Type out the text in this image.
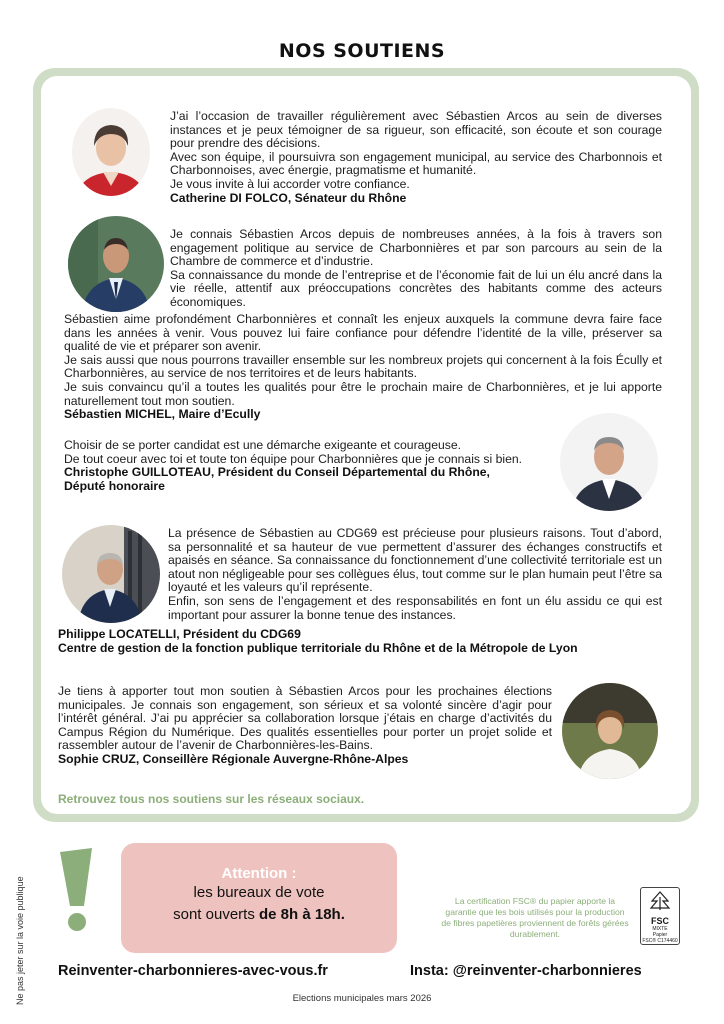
NOS SOUTIENS

J’ai l’occasion de travailler régulièrement avec Sébastien Arcos au sein de diverses instances et je peux témoigner de sa rigueur, son efficacité, son écoute et son courage pour prendre des décisions.

Avec son équipe, il poursuivra son engagement municipal, au service des Charbonnois et Charbonnoises, avec énergie, pragmatisme et humanité.

Je vous invite à lui accorder votre confiance.

Catherine DI FOLCO, Sénateur du Rhône

Je connais Sébastien Arcos depuis de nombreuses années, à la fois à travers son engagement politique au service de Charbonnières et par son parcours au sein de la Chambre de commerce et d’industrie.

Sa connaissance du monde de l’entreprise et de l’économie fait de lui un élu ancré dans la vie réelle, attentif aux préoccupations concrètes des habitants comme des acteurs économiques.

Sébastien aime profondément Charbonnières et connaît les enjeux auxquels la commune devra faire face dans les années à venir. Vous pouvez lui faire confiance pour défendre l’identité de la ville, préserver sa qualité de vie et préparer son avenir.

Je sais aussi que nous pourrons travailler ensemble sur les nombreux projets qui concernent à la fois Écully et Charbonnières, au service de nos territoires et de leurs habitants.

Je suis convaincu qu’il a toutes les qualités pour être le prochain maire de Charbonnières, et je lui apporte naturellement tout mon soutien.

Sébastien MICHEL, Maire d’Ecully

Choisir de se porter candidat est une démarche exigeante et courageuse.

De tout coeur avec toi et toute ton équipe pour Charbonnières que je connais si bien.

Christophe GUILLOTEAU, Président du Conseil Départemental du Rhône,

Député honoraire

La présence de Sébastien au CDG69 est précieuse pour plusieurs raisons. Tout d’abord, sa personnalité et sa hauteur de vue permettent d’assurer des échanges constructifs et apaisés en séance. Sa connaissance du fonctionnement d’une collectivité territoriale est un atout non négligeable pour ses collègues élus, tout comme sur le plan humain peut l’être sa loyauté et les valeurs qu’il représente.

Enfin, son sens de l’engagement et des responsabilités en font un élu assidu ce qui est important pour assurer la bonne tenue des instances.

Philippe LOCATELLI, Président du CDG69

Centre de gestion de la fonction publique territoriale du Rhône et de la Métropole de Lyon

Je tiens à apporter tout mon soutien à Sébastien Arcos pour les prochaines élections municipales. Je connais son engagement, son sérieux et sa volonté sincère d’agir pour l’intérêt général. J’ai pu apprécier sa collaboration lorsque j’étais en charge d’activités du Campus Région du Numérique. Des qualités essentielles pour porter un projet solide et rassembler autour de l’avenir de Charbonnières-les-Bains.

Sophie CRUZ, Conseillère Régionale Auvergne-Rhône-Alpes

Retrouvez tous nos soutiens sur les réseaux sociaux.
Ne pas jeter sur la voie publique
Attention :
les bureaux de vote
sont ouverts de 8h à 18h.
La certification FSC® du papier apporte la garantie que les bois utilisés pour la production de fibres papetières proviennent de forêts gérées durablement.
FSC
MIXTE
Papier
FSC® C174460
Reinventer-charbonnieres-avec-vous.fr	Insta: @reinventer-charbonnieres
Elections municipales mars 2026
